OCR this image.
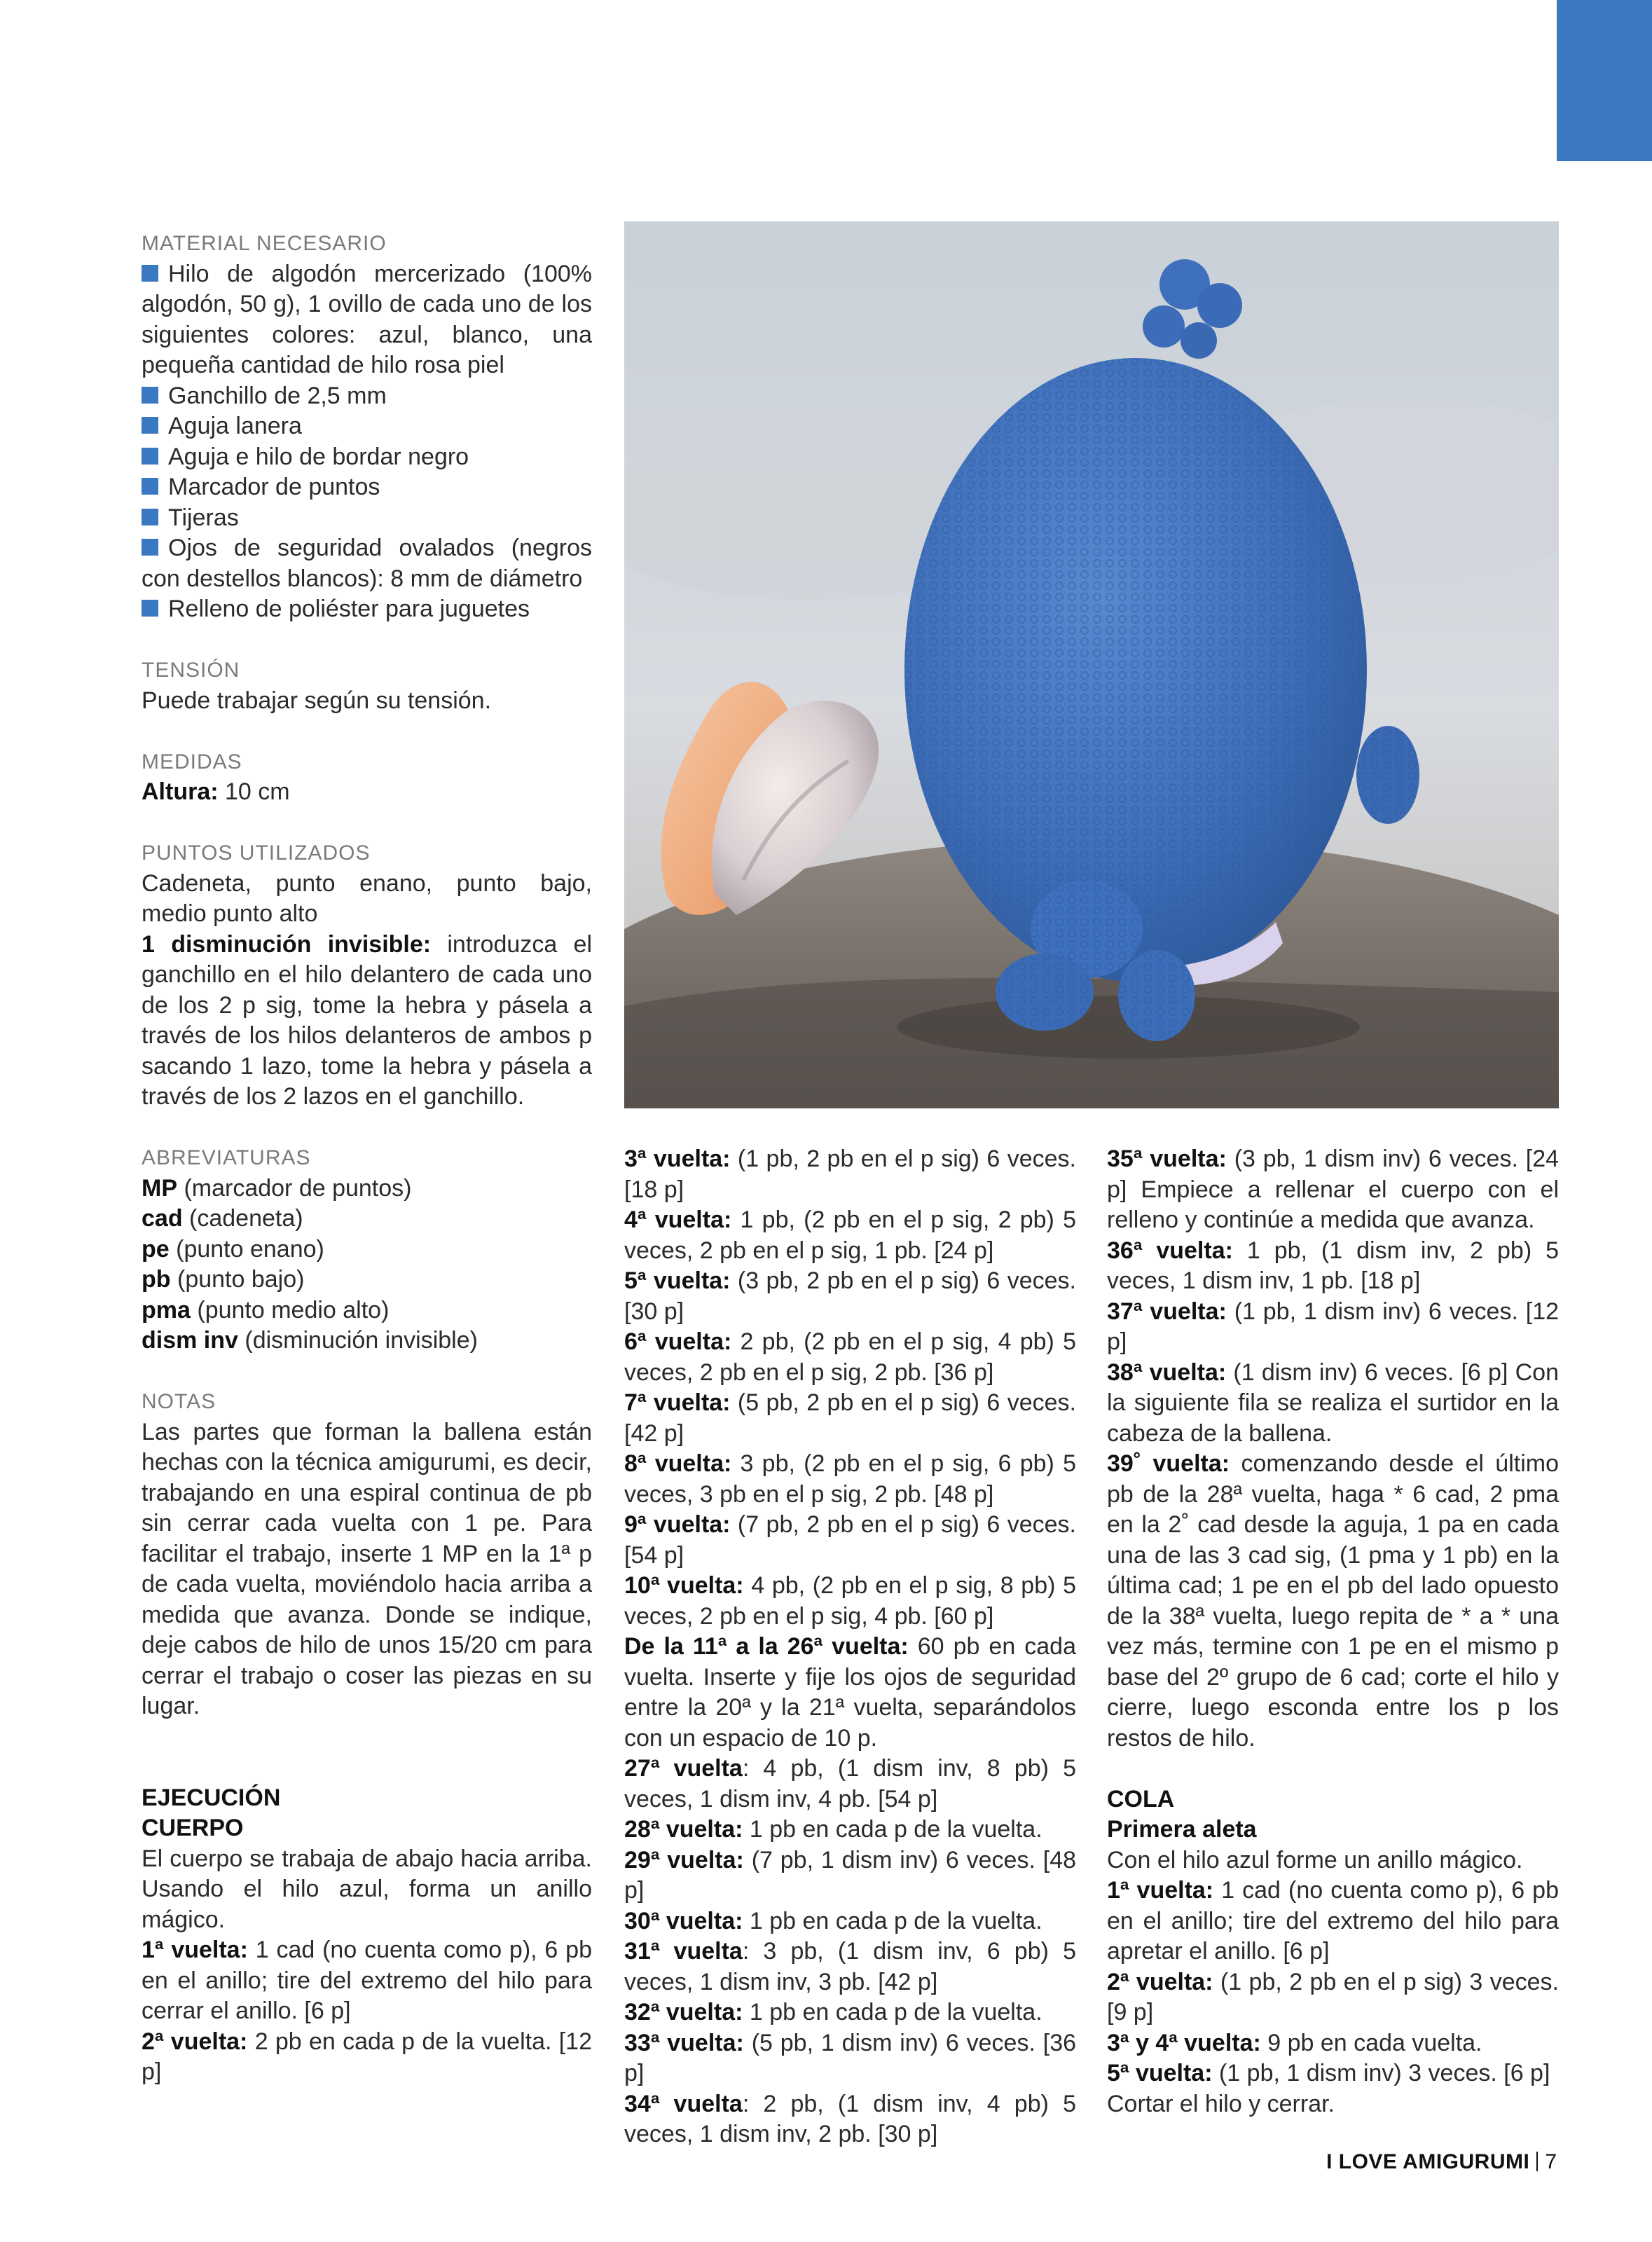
MATERIAL NECESARIO
Hilo de algodón mercerizado (100% algodón, 50 g), 1 ovillo de cada uno de los siguientes colores: azul, blanco, una pequeña cantidad de hilo rosa piel
Ganchillo de 2,5 mm
Aguja lanera
Aguja e hilo de bordar negro
Marcador de puntos
Tijeras
Ojos de seguridad ovalados (negros con destellos blancos): 8 mm de diámetro
Relleno de poliéster para juguetes
TENSIÓN

Puede trabajar según su tensión.

MEDIDAS

Altura: 10 cm

PUNTOS UTILIZADOS

Cadeneta, punto enano, punto bajo, medio punto alto

1 disminución invisible: introduzca el ganchillo en el hilo delantero de cada uno de los 2 p sig, tome la hebra y pásela a través de los hilos delanteros de ambos p sacando 1 lazo, tome la hebra y pásela a través de los 2 lazos en el ganchillo.

ABREVIATURAS

MP (marcador de puntos)

cad (cadeneta)

pe (punto enano)

pb (punto bajo)

pma (punto medio alto)

dism inv (disminución invisible)

NOTAS

Las partes que forman la ballena están hechas con la técnica amigurumi, es decir, trabajando en una espiral continua de pb sin cerrar cada vuelta con 1 pe. Para facilitar el trabajo, inserte 1 MP en la 1ª p de cada vuelta, moviéndolo hacia arriba a medida que avanza. Donde se indique, deje cabos de hilo de unos 15/20 cm para cerrar el trabajo o coser las piezas en su lugar.

EJECUCIÓN
CUERPO

El cuerpo se trabaja de abajo hacia arriba. Usando el hilo azul, forma un anillo mágico.

1ª vuelta: 1 cad (no cuenta como p), 6 pb en el anillo; tire del extremo del hilo para cerrar el anillo. [6 p]

2ª vuelta: 2 pb en cada p de la vuelta. [12 p]

3ª vuelta: (1 pb, 2 pb en el p sig) 6 veces. [18 p]

4ª vuelta: 1 pb, (2 pb en el p sig, 2 pb) 5 veces, 2 pb en el p sig, 1 pb. [24 p]

5ª vuelta: (3 pb, 2 pb en el p sig) 6 veces. [30 p]

6ª vuelta: 2 pb, (2 pb en el p sig, 4 pb) 5 veces, 2 pb en el p sig, 2 pb. [36 p]

7ª vuelta: (5 pb, 2 pb en el p sig) 6 veces. [42 p]

8ª vuelta: 3 pb, (2 pb en el p sig, 6 pb) 5 veces, 3 pb en el p sig, 2 pb. [48 p]

9ª vuelta: (7 pb, 2 pb en el p sig) 6 veces. [54 p]

10ª vuelta: 4 pb, (2 pb en el p sig, 8 pb) 5 veces, 2 pb en el p sig, 4 pb. [60 p]

De la 11ª a la 26ª vuelta: 60 pb en cada vuelta. Inserte y fije los ojos de seguridad entre la 20ª y la 21ª vuelta, separándolos con un espacio de 10 p.

27ª vuelta: 4 pb, (1 dism inv, 8 pb) 5 veces, 1 dism inv, 4 pb. [54 p]

28ª vuelta: 1 pb en cada p de la vuelta.

29ª vuelta: (7 pb, 1 dism inv) 6 veces. [48 p]

30ª vuelta: 1 pb en cada p de la vuelta.

31ª vuelta: 3 pb, (1 dism inv, 6 pb) 5 veces, 1 dism inv, 3 pb. [42 p]

32ª vuelta: 1 pb en cada p de la vuelta.

33ª vuelta: (5 pb, 1 dism inv) 6 veces. [36 p]

34ª vuelta: 2 pb, (1 dism inv, 4 pb) 5 veces, 1 dism inv, 2 pb. [30 p]

35ª vuelta: (3 pb, 1 dism inv) 6 veces. [24 p] Empiece a rellenar el cuerpo con el relleno y continúe a medida que avanza.

36ª vuelta: 1 pb, (1 dism inv, 2 pb) 5 veces, 1 dism inv, 1 pb. [18 p]

37ª vuelta: (1 pb, 1 dism inv) 6 veces. [12 p]

38ª vuelta: (1 dism inv) 6 veces. [6 p] Con la siguiente fila se realiza el surtidor en la cabeza de la ballena.

39˚ vuelta: comenzando desde el último pb de la 28ª vuelta, haga * 6 cad, 2 pma en la 2˚ cad desde la aguja, 1 pa en cada una de las 3 cad sig, (1 pma y 1 pb) en la última cad; 1 pe en el pb del lado opuesto de la 38ª vuelta, luego repita de * a * una vez más, termine con 1 pe en el mismo p base del 2º grupo de 6 cad; corte el hilo y cierre, luego esconda entre los p los restos de hilo.

COLA
Primera aleta

Con el hilo azul forme un anillo mágico.

1ª vuelta: 1 cad (no cuenta como p), 6 pb en el anillo; tire del extremo del hilo para apretar el anillo. [6 p]

2ª vuelta: (1 pb, 2 pb en el p sig) 3 veces. [9 p]

3ª y 4ª vuelta: 9 pb en cada vuelta.

5ª vuelta: (1 pb, 1 dism inv) 3 veces. [6 p]

Cortar el hilo y cerrar.

I LOVE AMIGURUMI 7
